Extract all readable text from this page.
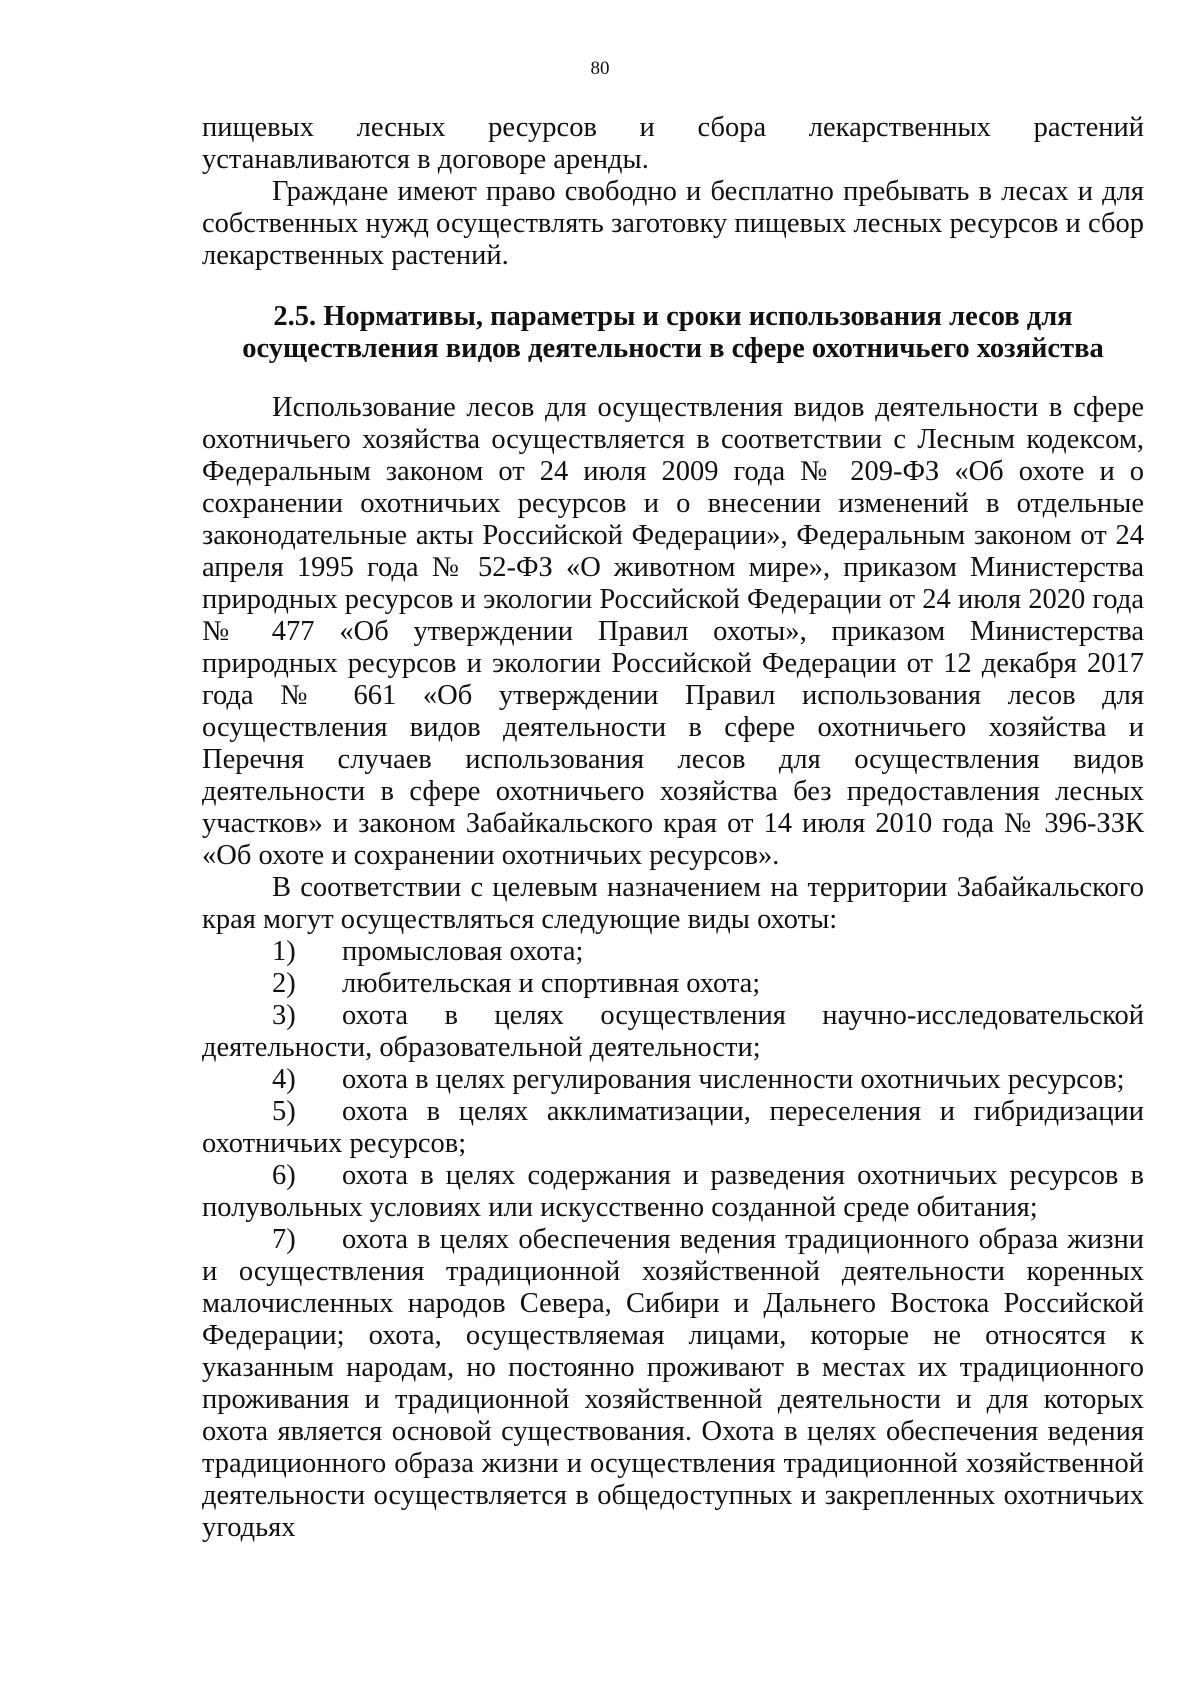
80

пищевых лесных ресурсов и сбора лекарственных растений устанавливаются в договоре аренды.

Граждане имеют право свободно и бесплатно пребывать в лесах и для собственных нужд осуществлять заготовку пищевых лесных ресурсов и сбор лекарственных растений.

2.5. Нормативы, параметры и сроки использования лесов для
осуществления видов деятельности в сфере охотничьего хозяйства

Использование лесов для осуществления видов деятельности в сфере охотничьего хозяйства осуществляется в соответствии с Лесным кодексом, Федеральным законом от 24 июля 2009 года № 209-ФЗ «Об охоте и о сохранении охотничьих ресурсов и о внесении изменений в отдельные законодательные акты Российской Федерации», Федеральным законом от 24 апреля 1995 года № 52-ФЗ «О животном мире», приказом Министерства природных ресурсов и экологии Российской Федерации от 24 июля 2020 года № 477 «Об утверждении Правил охоты», приказом Министерства природных ресурсов и экологии Российской Федерации от 12 декабря 2017 года № 661 «Об утверждении Правил использования лесов для осуществления видов деятельности в сфере охотничьего хозяйства и Перечня случаев использования лесов для осуществления видов деятельности в сфере охотничьего хозяйства без предоставления лесных участков» и законом Забайкальского края от 14 июля 2010 года № 396-ЗЗК «Об охоте и сохранении охотничьих ресурсов».

В соответствии с целевым назначением на территории Забайкальского края могут осуществляться следующие виды охоты:

1) промысловая охота;

2) любительская и спортивная охота;

3) охота в целях осуществления научно-исследовательской деятельности, образовательной деятельности;

4) охота в целях регулирования численности охотничьих ресурсов;

5) охота в целях акклиматизации, переселения и гибридизации охотничьих ресурсов;

6) охота в целях содержания и разведения охотничьих ресурсов в полувольных условиях или искусственно созданной среде обитания;

7) охота в целях обеспечения ведения традиционного образа жизни и осуществления традиционной хозяйственной деятельности коренных малочисленных народов Севера, Сибири и Дальнего Востока Российской Федерации; охота, осуществляемая лицами, которые не относятся к указанным народам, но постоянно проживают в местах их традиционного проживания и традиционной хозяйственной деятельности и для которых охота является основой существования. Охота в целях обеспечения ведения традиционного образа жизни и осуществления традиционной хозяйственной деятельности осуществляется в общедоступных и закрепленных охотничьих угодьях
